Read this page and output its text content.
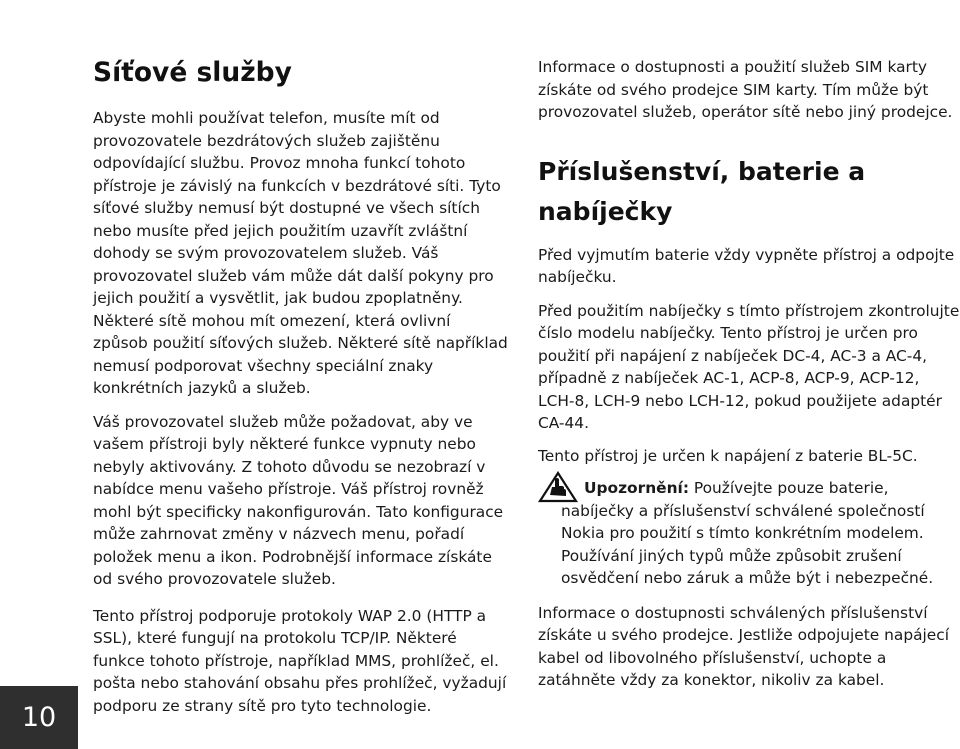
10
Síťové služby

Abyste mohli používat telefon, musíte mít od provozovatele bezdrátových služeb zajištěnu odpovídající službu. Provoz mnoha funkcí tohoto přístroje je závislý na funkcích v bezdrátové síti. Tyto síťové služby nemusí být dostupné ve všech sítích nebo musíte před jejich použitím uzavřít zvláštní dohody se svým provozovatelem služeb. Váš provozovatel služeb vám může dát další pokyny pro jejich použití a vysvětlit, jak budou zpoplatněny. Některé sítě mohou mít omezení, která ovlivní způsob použití síťových služeb. Některé sítě například nemusí podporovat všechny speciální znaky konkrétních jazyků a služeb.

Váš provozovatel služeb může požadovat, aby ve vašem přístroji byly některé funkce vypnuty nebo nebyly aktivovány. Z tohoto důvodu se nezobrazí v nabídce menu vašeho přístroje. Váš přístroj rovněž mohl být specificky nakonfigurován. Tato konfigurace může zahrnovat změny v názvech menu, pořadí položek menu a ikon. Podrobnější informace získáte od svého provozovatele služeb.

Tento přístroj podporuje protokoly WAP 2.0 (HTTP a SSL), které fungují na protokolu TCP/IP. Některé funkce tohoto přístroje, například MMS, prohlížeč, el. pošta nebo stahování obsahu přes prohlížeč, vyžadují podporu ze strany sítě pro tyto technologie.

Informace o dostupnosti a použití služeb SIM karty získáte od svého prodejce SIM karty. Tím může být provozovatel služeb, operátor sítě nebo jiný prodejce.

Příslušenství, baterie a nabíječky

Před vyjmutím baterie vždy vypněte přístroj a odpojte nabíječku.

Před použitím nabíječky s tímto přístrojem zkontrolujte číslo modelu nabíječky. Tento přístroj je určen pro použití při napájení z nabíječek DC-4, AC-3 a AC-4, případně z nabíječek AC-1, ACP-8, ACP-9, ACP-12, LCH-8, LCH-9 nebo LCH-12, pokud použijete adaptér CA-44.

Tento přístroj je určen k napájení z baterie BL-5C.

Upozornění: Používejte pouze baterie, nabíječky a příslušenství schválené společností Nokia pro použití s tímto konkrétním modelem. Používání jiných typů může způsobit zrušení osvědčení nebo záruk a může být i nebezpečné.

Informace o dostupnosti schválených příslušenství získáte u svého prodejce. Jestliže odpojujete napájecí kabel od libovolného příslušenství, uchopte a zatáhněte vždy za konektor, nikoliv za kabel.
